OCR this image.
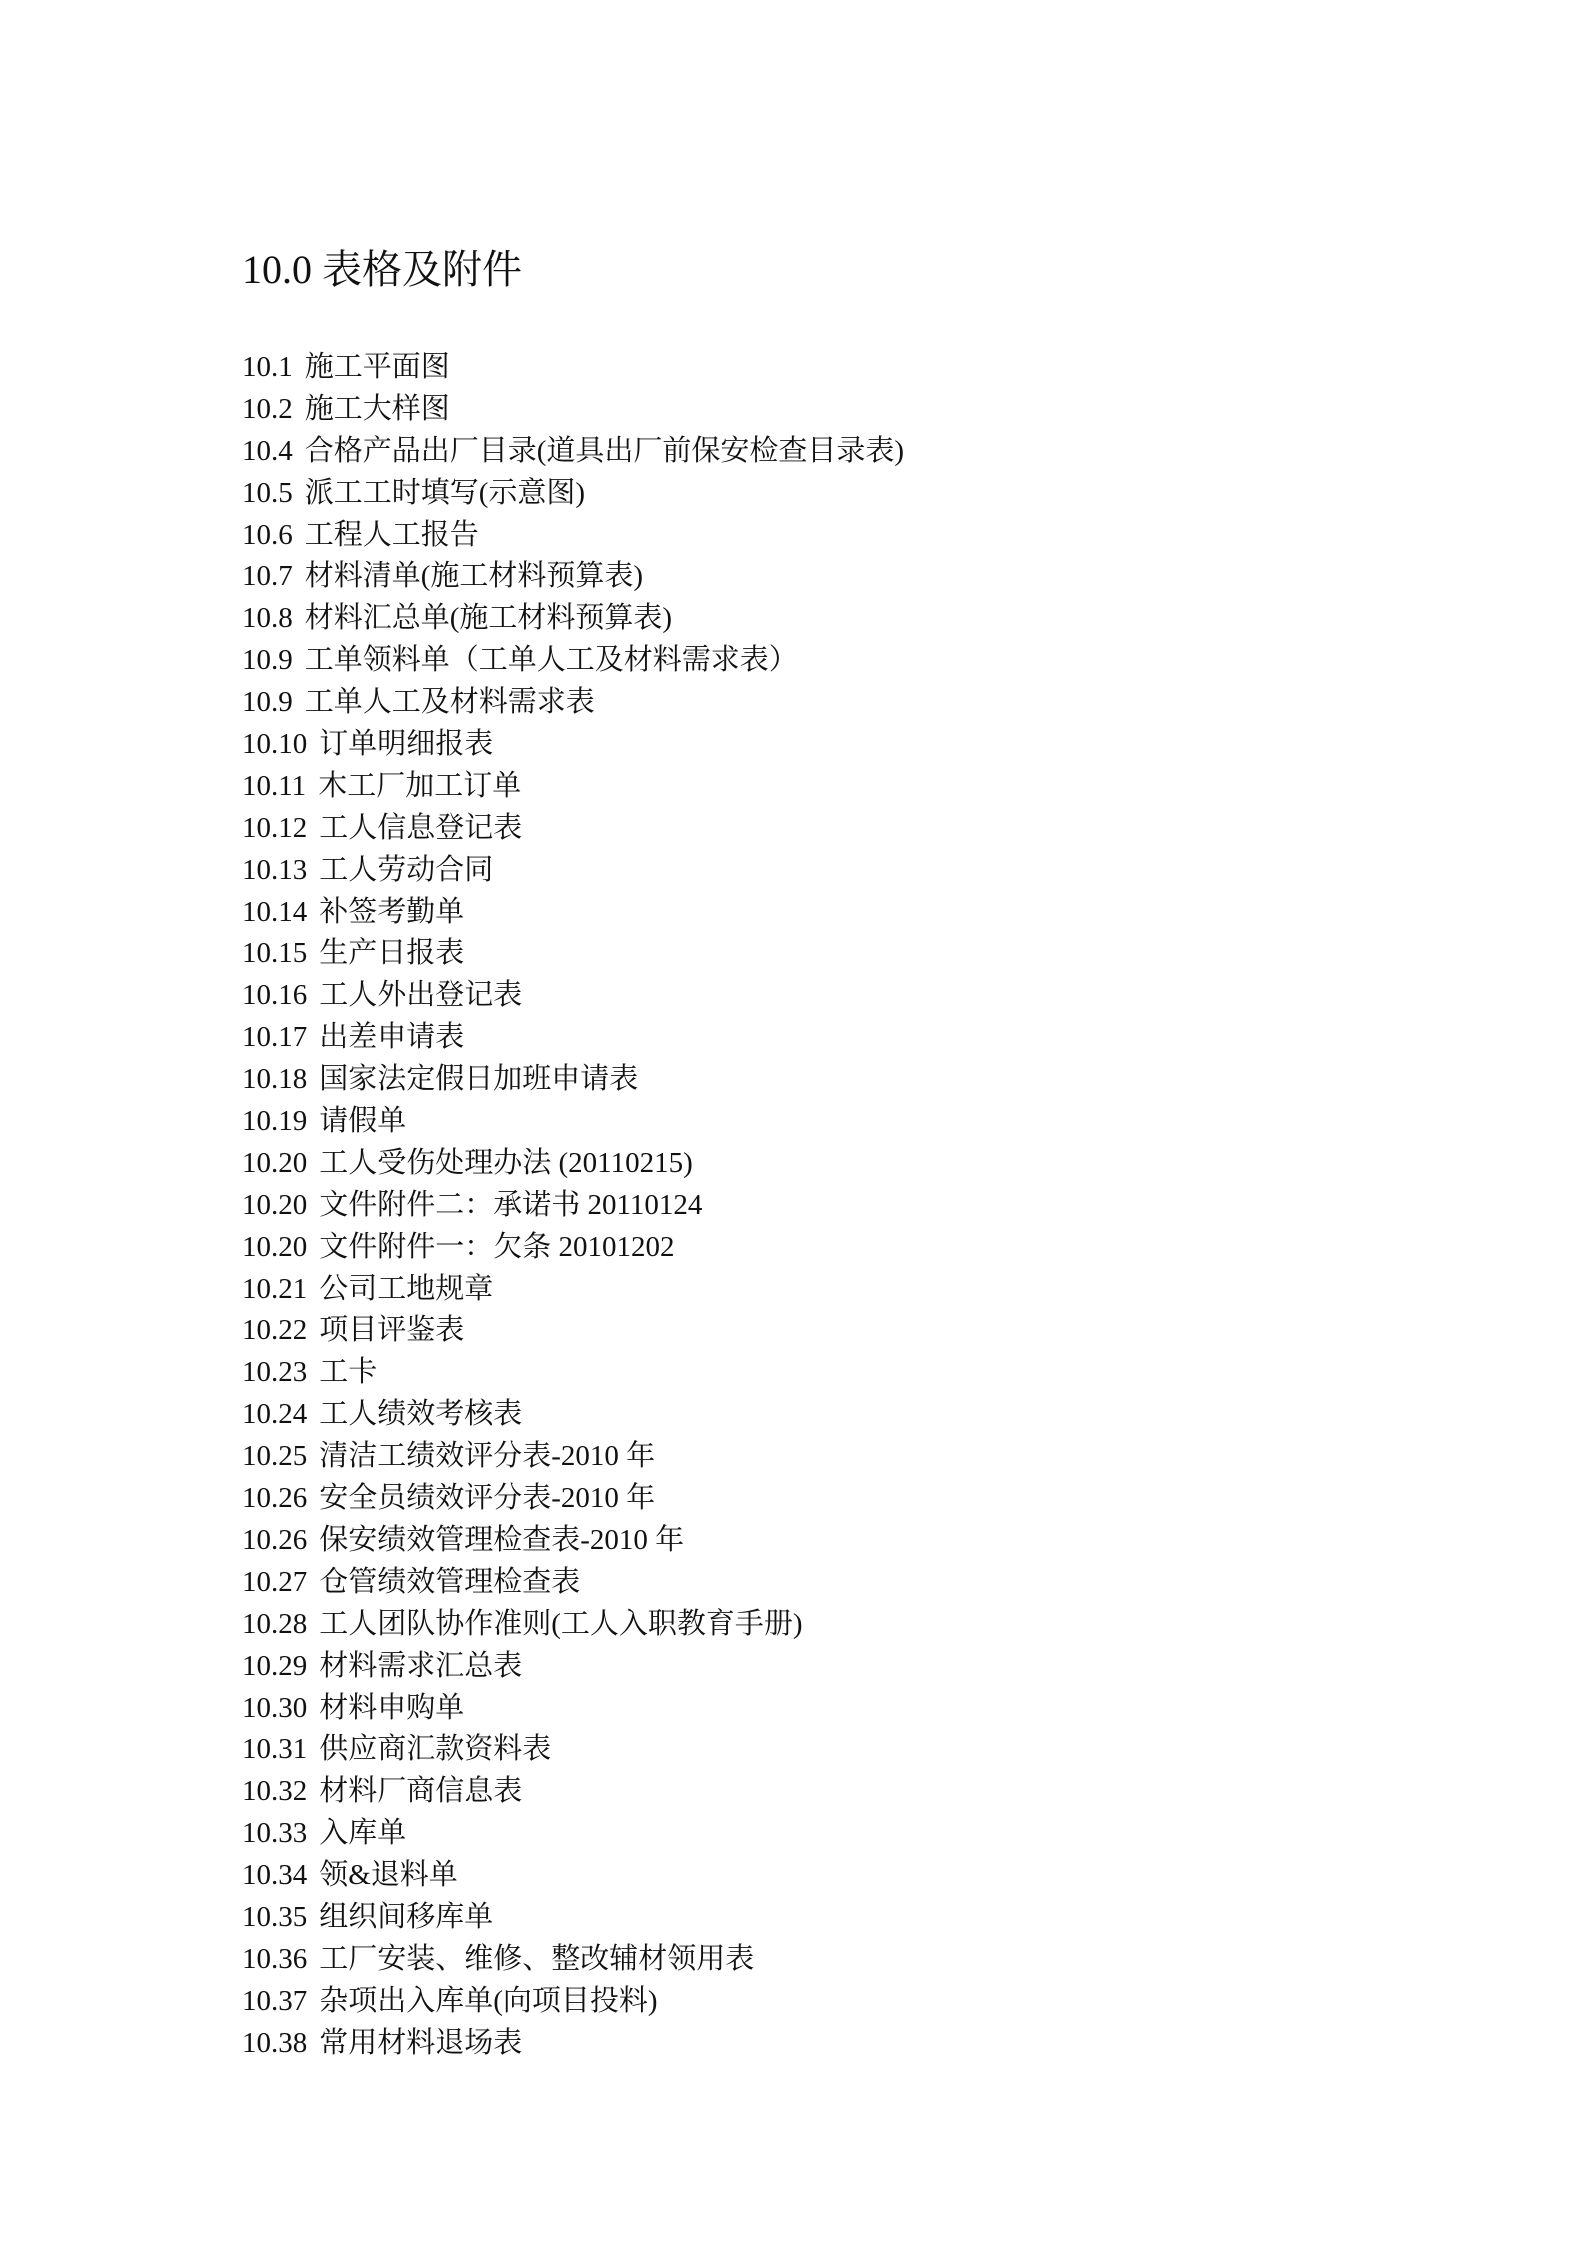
10.0 表格及附件
10.1 施工平面图
10.2 施工大样图
10.4 合格产品出厂目录(道具出厂前保安检查目录表)
10.5 派工工时填写(示意图)
10.6 工程人工报告
10.7 材料清单(施工材料预算表)
10.8 材料汇总单(施工材料预算表)
10.9 工单领料单（工单人工及材料需求表）
10.9 工单人工及材料需求表
10.10 订单明细报表
10.11 木工厂加工订单
10.12 工人信息登记表
10.13 工人劳动合同
10.14 补签考勤单
10.15 生产日报表
10.16 工人外出登记表
10.17 出差申请表
10.18 国家法定假日加班申请表
10.19 请假单
10.20 工人受伤处理办法 (20110215)
10.20 文件附件二：承诺书 20110124
10.20 文件附件一：欠条 20101202
10.21 公司工地规章
10.22 项目评鉴表
10.23 工卡
10.24 工人绩效考核表
10.25 清洁工绩效评分表-2010 年
10.26 安全员绩效评分表-2010 年
10.26 保安绩效管理检查表-2010 年
10.27 仓管绩效管理检查表
10.28 工人团队协作准则(工人入职教育手册)
10.29 材料需求汇总表
10.30 材料申购单
10.31 供应商汇款资料表
10.32 材料厂商信息表
10.33 入库单
10.34 领&退料单
10.35 组织间移库单
10.36 工厂安装、维修、整改辅材领用表
10.37 杂项出入库单(向项目投料)
10.38 常用材料退场表
